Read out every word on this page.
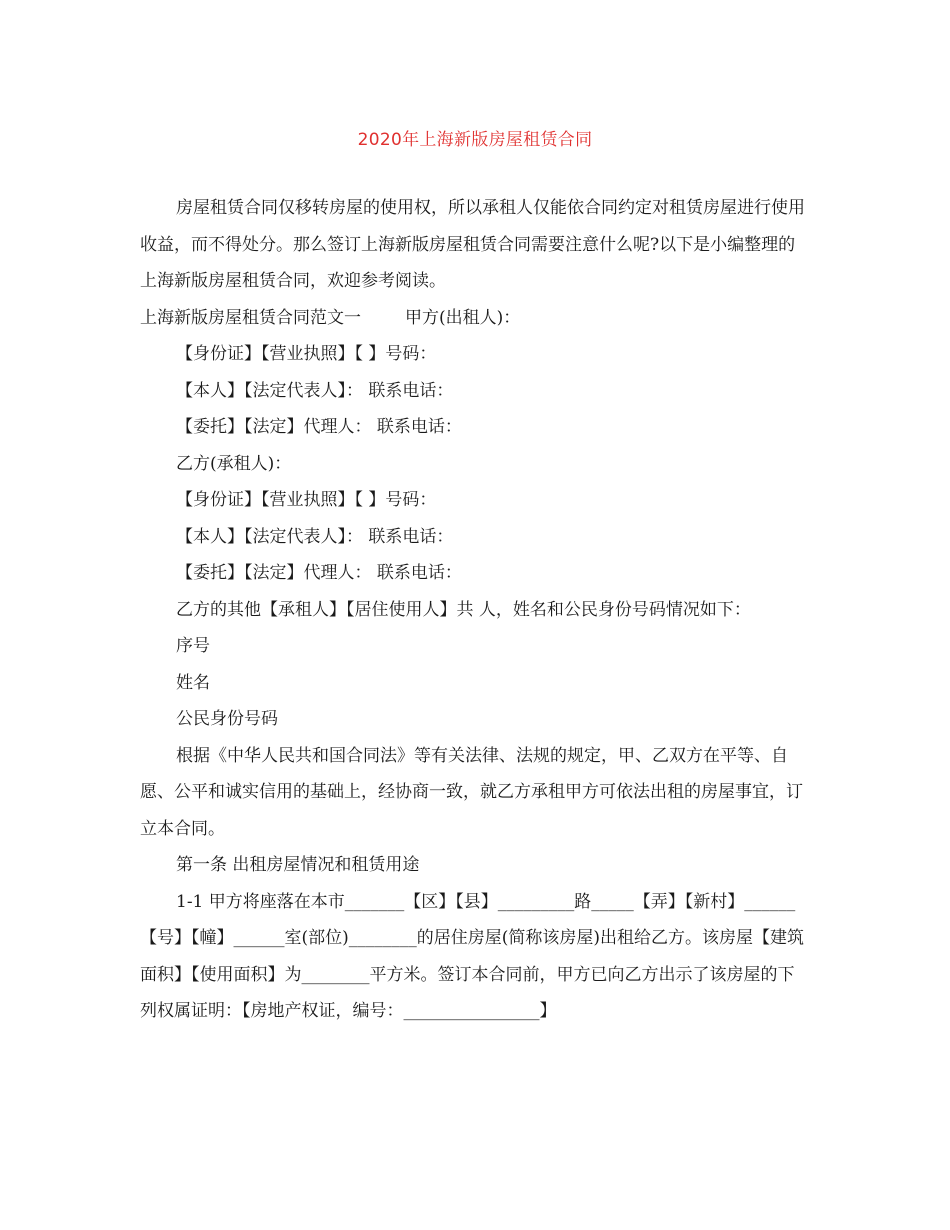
2020年上海新版房屋租赁合同

房屋租赁合同仅移转房屋的使用权，所以承租人仅能依合同约定对租赁房屋进行使用收益，而不得处分。那么签订上海新版房屋租赁合同需要注意什么呢?以下是小编整理的上海新版房屋租赁合同，欢迎参考阅读。

上海新版房屋租赁合同范文一	甲方(出租人)：

【身份证】【营业执照】【 】号码：

【本人】【法定代表人】： 联系电话：

【委托】【法定】代理人： 联系电话：

乙方(承租人)：

【身份证】【营业执照】【 】号码：

【本人】【法定代表人】： 联系电话：

【委托】【法定】代理人： 联系电话：

乙方的其他【承租人】【居住使用人】共 人，姓名和公民身份号码情况如下：

序号

姓名

公民身份号码

根据《中华人民共和国合同法》等有关法律、法规的规定，甲、乙双方在平等、自愿、公平和诚实信用的基础上，经协商一致，就乙方承租甲方可依法出租的房屋事宜，订立本合同。

第一条 出租房屋情况和租赁用途

1-1 甲方将座落在本市_______【区】【县】_________路_____【弄】【新村】______【号】【幢】______室(部位)________的居住房屋(简称该房屋)出租给乙方。该房屋【建筑面积】【使用面积】为________平方米。签订本合同前，甲方已向乙方出示了该房屋的下列权属证明：【房地产权证，编号：________________】
